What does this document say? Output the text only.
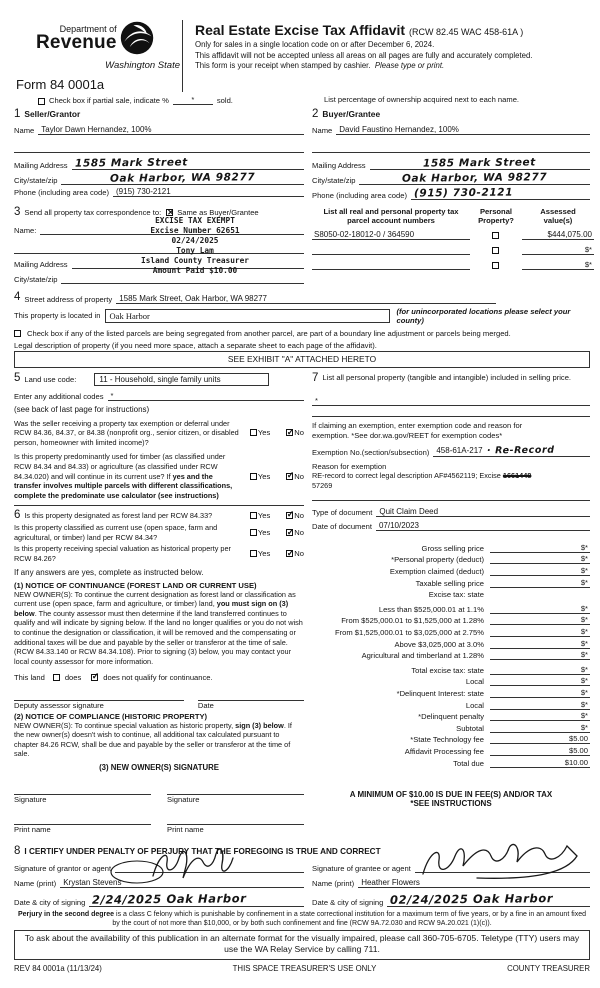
Department of
Revenue
Washington State
Form 84 0001a
Real Estate Excise Tax Affidavit (RCW 82.45 WAC 458-61A )
Only for sales in a single location code on or after December 6, 2024.
This affidavit will not be accepted unless all areas on all pages are fully and accurately completed.
This form is your receipt when stamped by cashier. Please type or print.
Check box if partial sale, indicate %	*	sold.	List percentage of ownership acquired next to each name.
1 Seller/Grantor
Name Taylor Dawn Hernandez, 100%
Mailing Address 1585 Mark Street
City/state/zip	Oak Harbor, WA 98277
Phone (including area code) (915) 730-2121
2 Buyer/Grantee
Name David Faustino Hernandez, 100%
Mailing Address	1585 Mark Street
City/state/zip	Oak Harbor, WA 98277
Phone (including area code) (915) 730-2121
3 Send all property tax correspondence to: ✕	Same as Buyer/Grantee
Name:
Mailing Address
City/state/zip
EXCISE TAX EXEMPT
Excise Number 62651
02/24/2025
Tony Lam
Island County Treasurer
Amount Paid $10.00
List all real and personal property tax
parcel account numbers
Personal
Property?
Assessed
value(s)
S8050-02-18012-0 / 364590	$444,075.00
$*
$*
4 Street address of property 1585 Mark Street, Oak Harbor, WA 98277
This property is located in	Oak Harbor	(for unincorporated locations please select your county)
Check box if any of the listed parcels are being segregated from another parcel, are part of a boundary line adjustment or parcels being merged.
Legal description of property (if you need more space, attach a separate sheet to each page of the affidavit).
SEE EXHIBIT "A" ATTACHED HERETO
5 Land use code:	11 - Household, single family units
Enter any additional codes *
(see back of last page for instructions)
Was the seller receiving a property tax exemption or deferral under RCW 84.36, 84.37, or 84.38 (nonprofit org., senior citizen, or disabled person, homeowner with limited income)?
Yes ✓	No
Is this property predominantly used for timber (as classified under RCW 84.34 and 84.33) or agriculture (as classified under RCW 84.34.020) and will continue in its current use? If yes and the transfer involves multiple parcels with different classifications, complete the predominate use calculator (see instructions)
Yes ✓	No
6 Is this property designated as forest land per RCW 84.33?	Yes ✓	No
Is this property classified as current use (open space, farm and agricultural, or timber) land per RCW 84.34?	Yes ✓	No
Is this property receiving special valuation as historical property per RCW 84.26?	Yes ✓	No
If any answers are yes, complete as instructed below.
(1) NOTICE OF CONTINUANCE (FOREST LAND OR CURRENT USE)
NEW OWNER(S): To continue the current designation as forest land or classification as current use (open space, farm and agriculture, or timber) land, you must sign on (3) below. The county assessor must then determine if the land transferred continues to qualify and will indicate by signing below. If the land no longer qualifies or you do not wish to continue the designation or classification, it will be removed and the compensating or additional taxes will be due and payable by the seller or transferor at the time of sale. (RCW 84.33.140 or RCW 84.34.108). Prior to signing (3) below, you may contact your local county assessor for more information.
This land	does ✓	does not qualify for continuance.
Deputy assessor signature	Date
(2) NOTICE OF COMPLIANCE (HISTORIC PROPERTY)
NEW OWNER(S): To continue special valuation as historic property, sign (3) below. If the new owner(s) doesn't wish to continue, all additional tax calculated pursuant to chapter 84.26 RCW, shall be due and payable by the seller or transferor at the time of sale.
(3) NEW OWNER(S) SIGNATURE
Signature	Signature
Print name	Print name
7 List all personal property (tangible and intangible) included in selling price.
*
If claiming an exemption, enter exemption code and reason for
exemption. *See dor.wa.gov/REET for exemption codes*
Exemption No.(section/subsection) 458-61A-217 · Re-Record
Reason for exemption
RE-record to correct legal description AF#4562119; Excise 1661448
57269
Type of document Quit Claim Deed
Date of document 07/10/2023
Gross selling price	$*
*Personal property (deduct)	$*
Exemption claimed (deduct)	$*
Taxable selling price	$*
Excise tax: state
Less than $525,000.01 at 1.1%	$*
From $525,000.01 to $1,525,000 at 1.28%	$*
From $1,525,000.01 to $3,025,000 at 2.75%	$*
Above $3,025,000 at 3.0%	$*
Agricultural and timberland at 1.28%	$*
Total excise tax: state	$*
Local	$*
*Delinquent Interest: state	$*
Local	$*
*Delinquent penalty	$*
Subtotal	$*
*State Technology fee	$5.00
Affidavit Processing fee	$5.00
Total due	$10.00
A MINIMUM OF $10.00 IS DUE IN FEE(S) AND/OR TAX
*SEE INSTRUCTIONS
8 I CERTIFY UNDER PENALTY OF PERJURY THAT THE FOREGOING IS TRUE AND CORRECT
Signature of grantor or agent
Name (print) Krystan Stevens
Date & city of signing 2/24/2025 Oak Harbor
Signature of grantee or agent
Name (print) Heather Flowers
Date & city of signing 02/24/2025 Oak Harbor
Perjury in the second degree is a class C felony which is punishable by confinement in a state correctional institution for a maximum term of five years, or by a fine in an amount fixed by the court of not more than $10,000, or by both such confinement and fine (RCW 9A.72.030 and RCW 9A.20.021 (1)(c)).
To ask about the availability of this publication in an alternate format for the visually impaired, please call 360-705-6705. Teletype (TTY) users may use the WA Relay Service by calling 711.
REV 84 0001a (11/13/24)	THIS SPACE TREASURER'S USE ONLY	COUNTY TREASURER
